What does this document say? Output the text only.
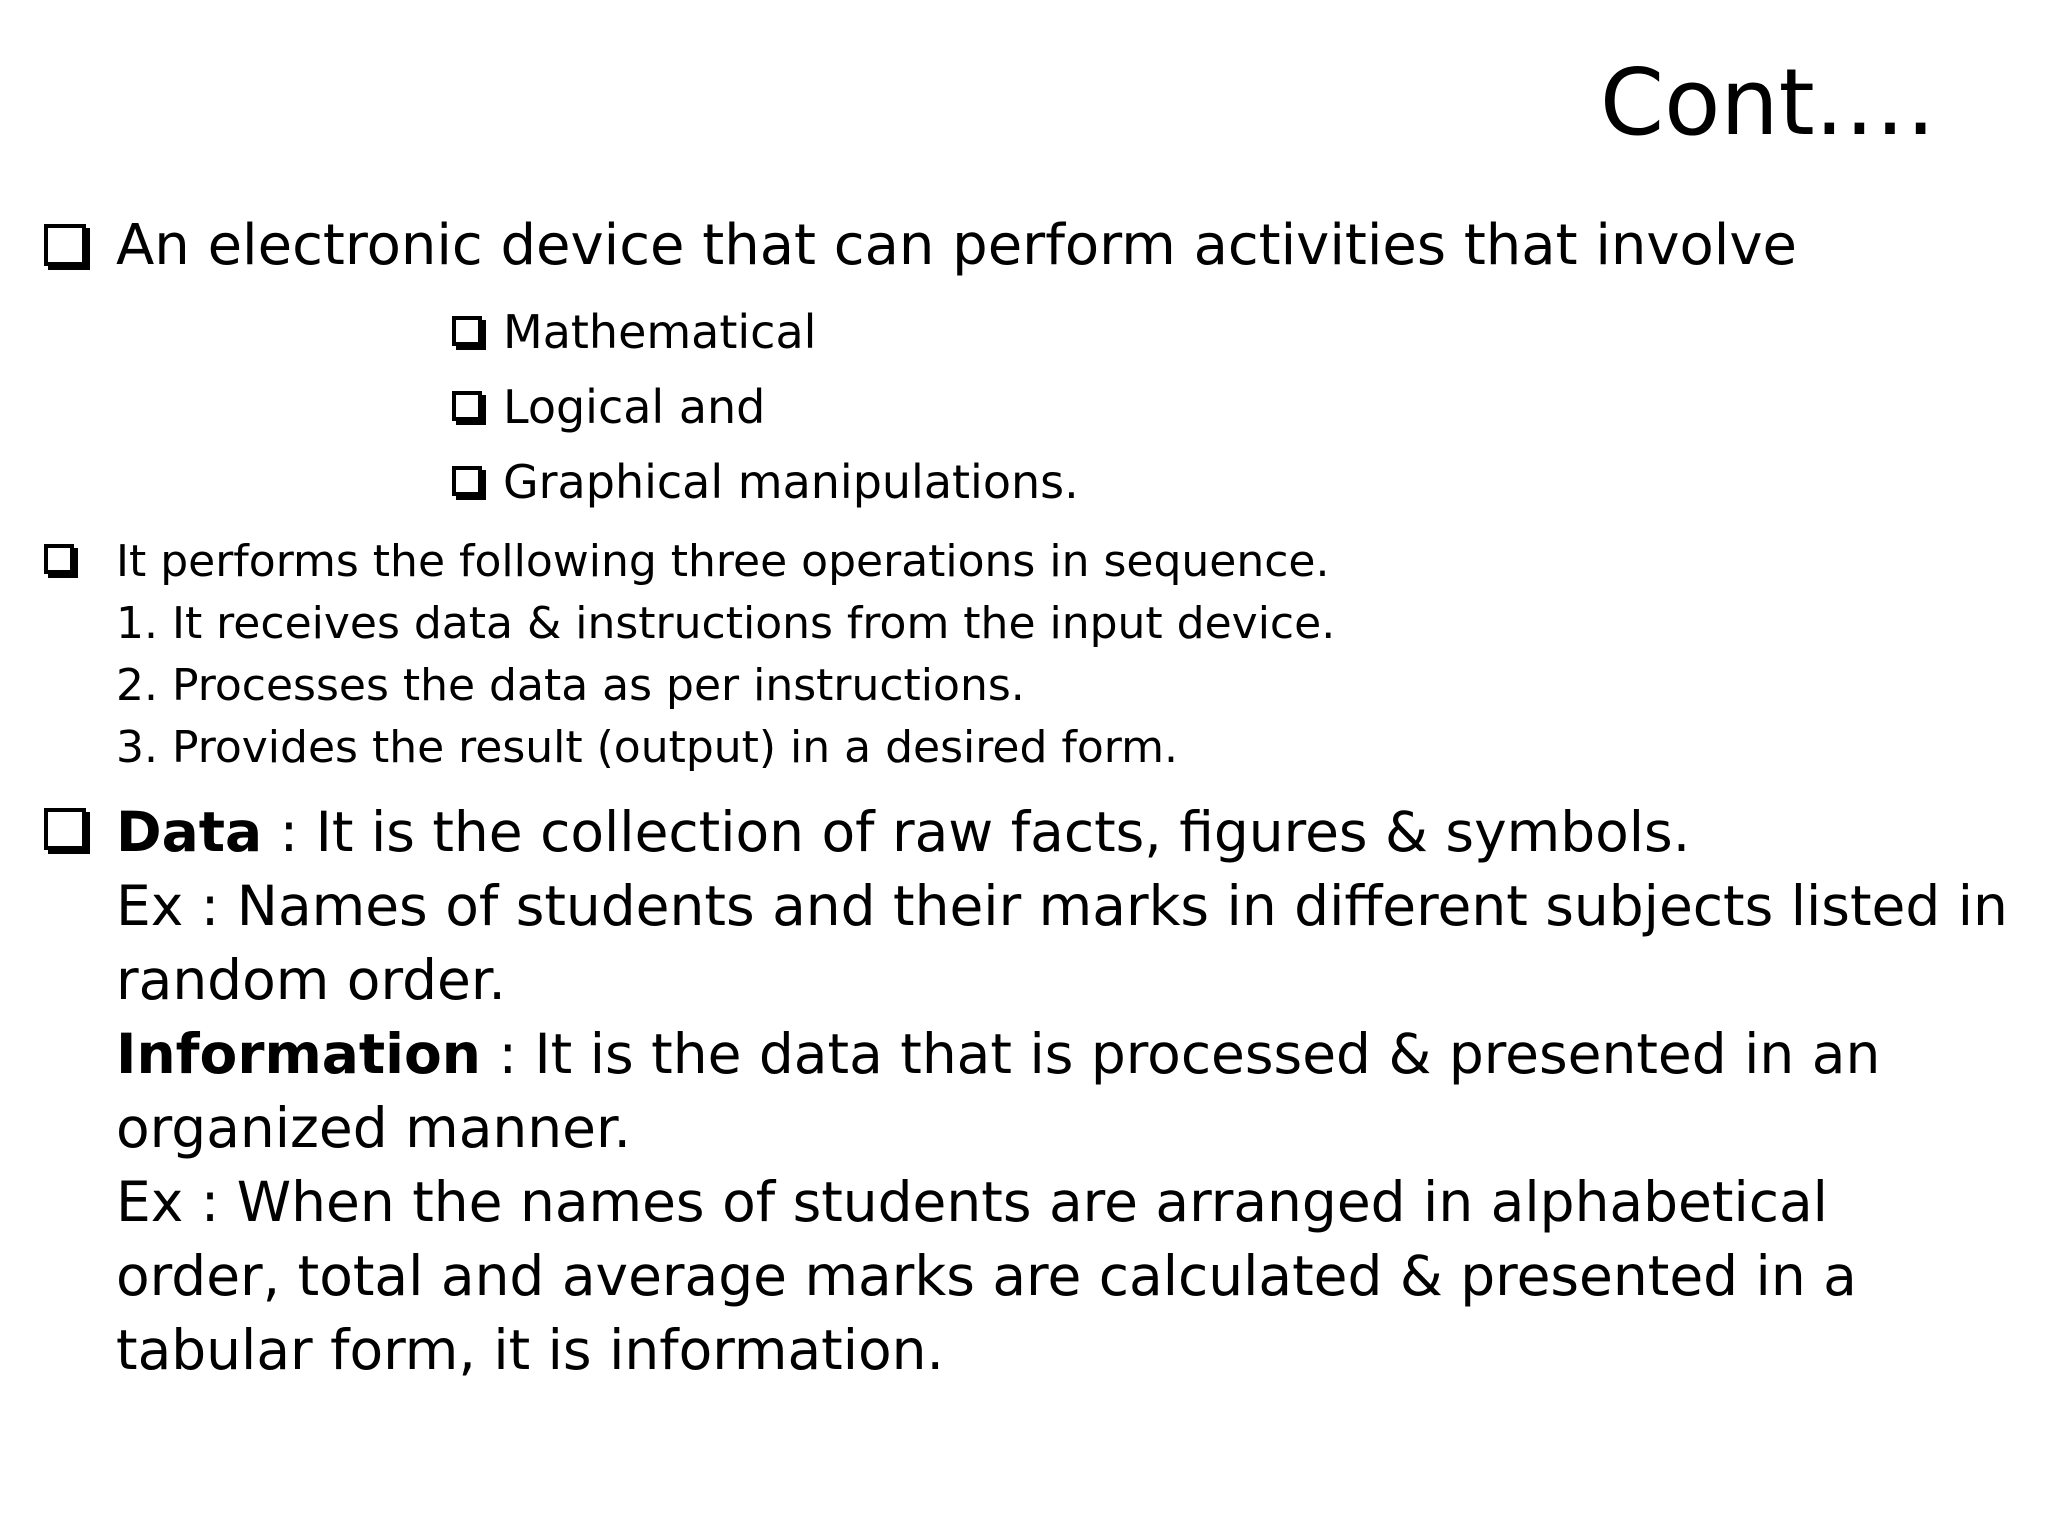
Cont.…
An electronic device that can perform activities that involve
Mathematical
Logical and
Graphical manipulations.
It performs the following three operations in sequence.
1. It receives data & instructions from the input device.
2. Processes the data as per instructions.
3. Provides the result (output) in a desired form.
Data : It is the collection of raw facts, figures & symbols.
Ex : Names of students and their marks in different subjects listed in
random order.
Information : It is the data that is processed & presented in an
organized manner.
Ex : When the names of students are arranged in alphabetical
order, total and average marks are calculated & presented in a
tabular form, it is information.
